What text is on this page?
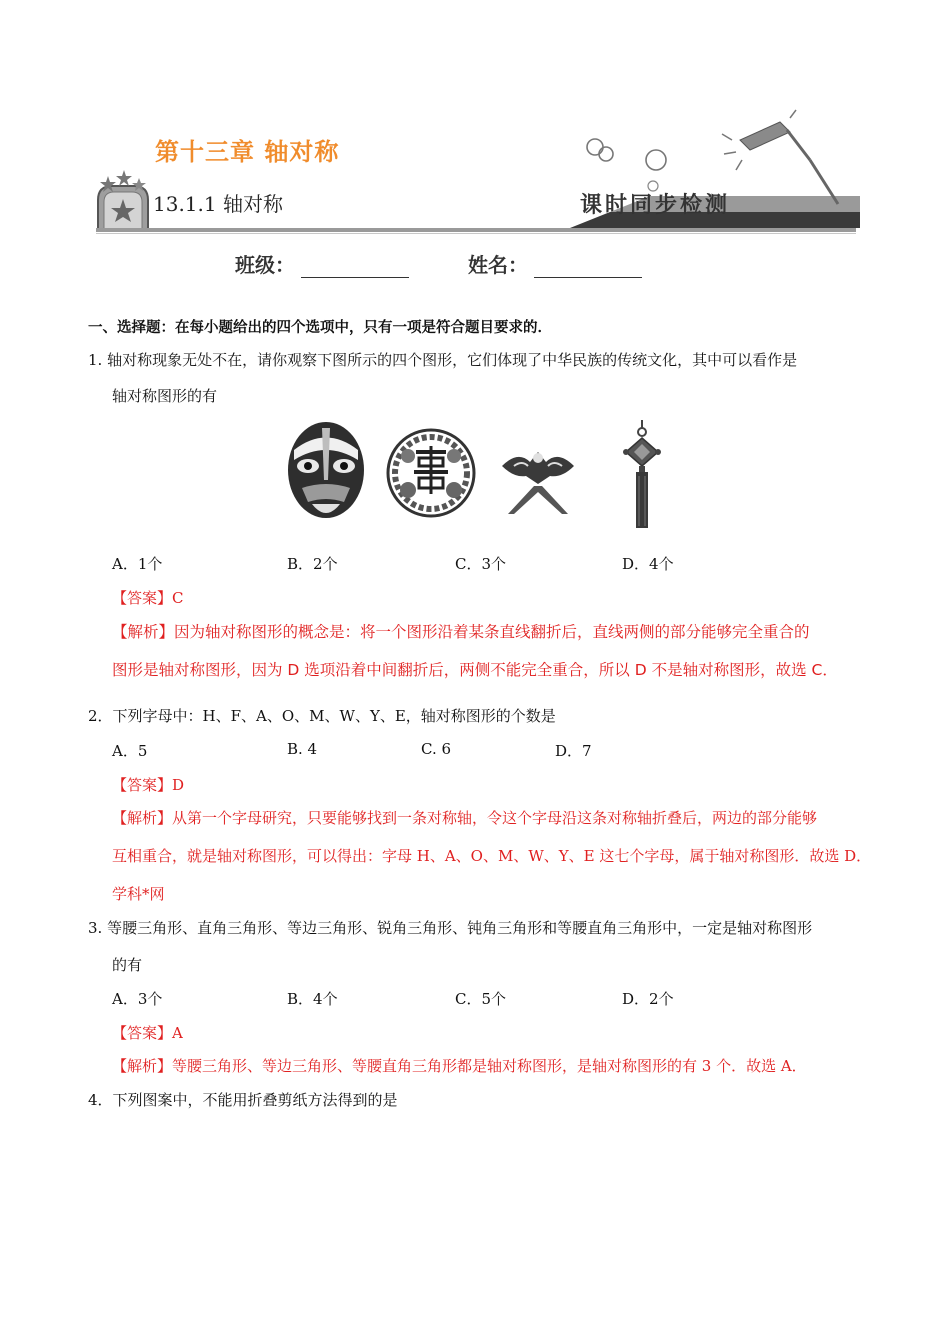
第十三章 轴对称
13.1.1 轴对称	课时同步检测
班级：	姓名：
一、选择题：在每小题给出的四个选项中，只有一项是符合题目要求的．
1. 轴对称现象无处不在，请你观察下图所示的四个图形，它们体现了中华民族的传统文化，其中可以看作是
轴对称图形的有
A．1个	B．2个	C．3个	D．4个
【答案】C
【解析】因为轴对称图形的概念是：将一个图形沿着某条直线翻折后，直线两侧的部分能够完全重合的
图形是轴对称图形，因为 D 选项沿着中间翻折后，两侧不能完全重合，所以 D 不是轴对称图形，故选 C．
2．下列字母中：H、F、A、O、M、W、Y、E，轴对称图形的个数是
A．5	B. 4	C. 6	D．7
【答案】D
【解析】从第一个字母研究，只要能够找到一条对称轴，令这个字母沿这条对称轴折叠后，两边的部分能够
互相重合，就是轴对称图形，可以得出：字母 H、A、O、M、W、Y、E 这七个字母，属于轴对称图形．故选 D．
学科*网
3. 等腰三角形、直角三角形、等边三角形、锐角三角形、钝角三角形和等腰直角三角形中，一定是轴对称图形
的有
A．3个	B．4个	C．5个	D．2个
【答案】A
【解析】等腰三角形、等边三角形、等腰直角三角形都是轴对称图形，是轴对称图形的有 3 个．故选 A．
4．下列图案中，不能用折叠剪纸方法得到的是
